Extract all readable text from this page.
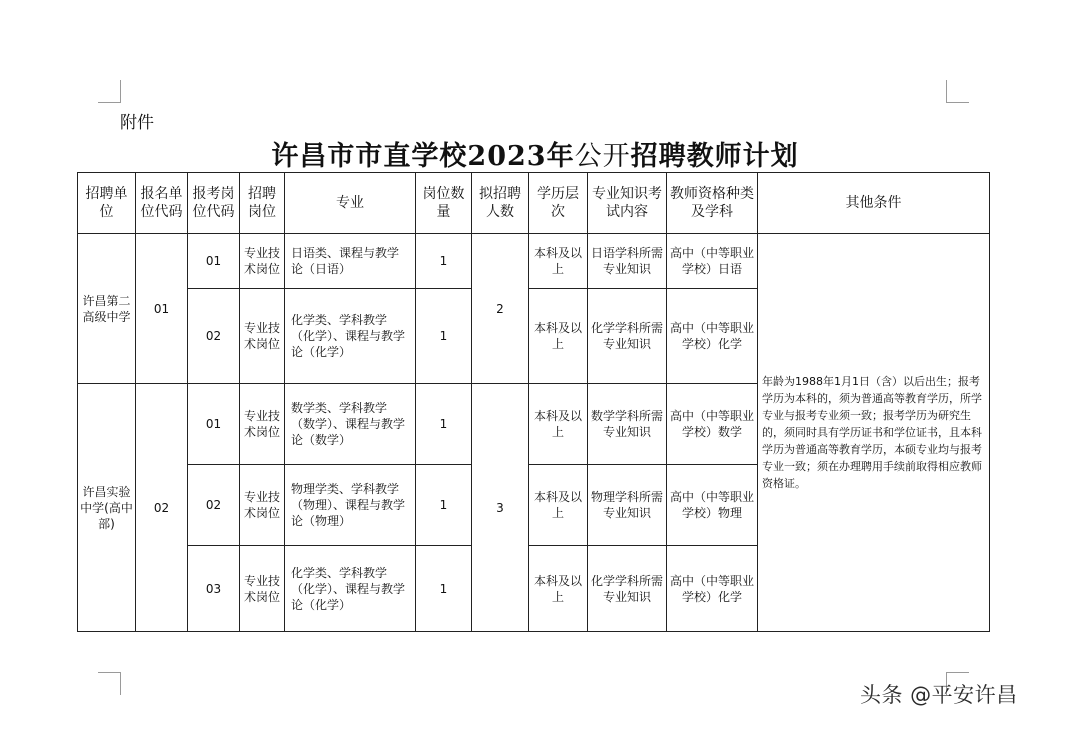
附件
许昌市市直学校2023年公开招聘教师计划
招聘单位	报名单位代码	报考岗位代码	招聘岗位	专业	岗位数量	拟招聘人数	学历层次	专业知识考试内容	教师资格种类及学科	其他条件
许昌第二高级中学	01	01	专业技术岗位	日语类、课程与教学论（日语）	1	2	本科及以上	日语学科所需专业知识	高中（中等职业学校）日语	年龄为1988年1月1日（含）以后出生；报考学历为本科的，须为普通高等教育学历，所学专业与报考专业须一致；报考学历为研究生的，须同时具有学历证书和学位证书，且本科学历为普通高等教育学历，本硕专业均与报考专业一致；须在办理聘用手续前取得相应教师资格证。
		02	专业技术岗位	化学类、学科教学（化学）、课程与教学论（化学）	1		本科及以上	化学学科所需专业知识	高中（中等职业学校）化学	
许昌实验中学(高中部)	02	01	专业技术岗位	数学类、学科教学（数学）、课程与教学论（数学）	1	3	本科及以上	数学学科所需专业知识	高中（中等职业学校）数学	
		02	专业技术岗位	物理学类、学科教学（物理）、课程与教学论（物理）	1		本科及以上	物理学科所需专业知识	高中（中等职业学校）物理	
		03	专业技术岗位	化学类、学科教学（化学）、课程与教学论（化学）	1		本科及以上	化学学科所需专业知识	高中（中等职业学校）化学	
头条 @平安许昌
